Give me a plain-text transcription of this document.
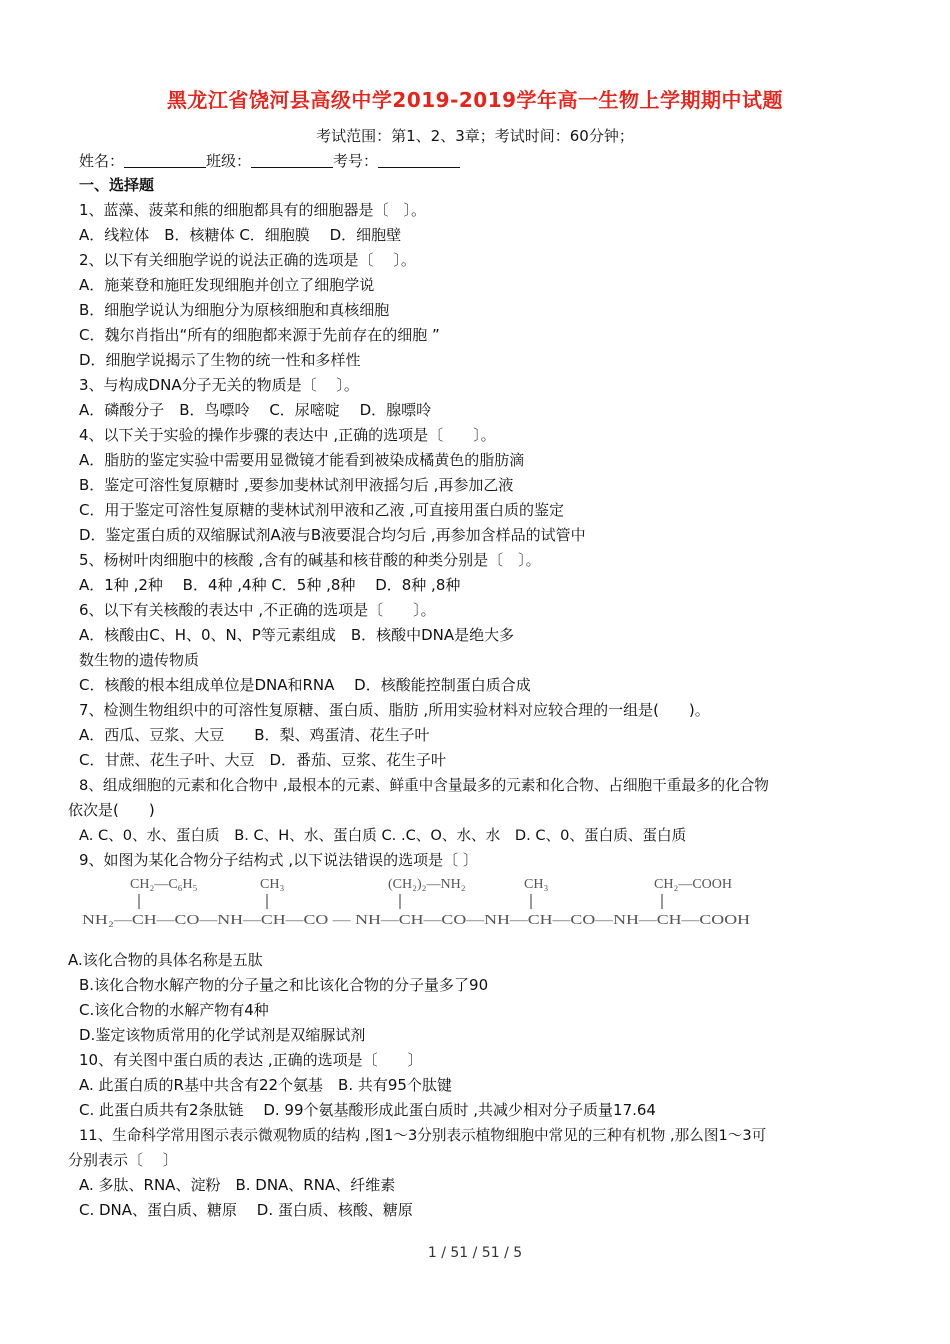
黑龙江省饶河县高级中学2019-2019学年高一生物上学期期中试题
考试范围：第1、2、3章；考试时间：60分钟；
姓名：	班级：	考号：
一、选择题
1、蓝藻、菠菜和熊的细胞都具有的细胞器是〔　〕。
A．线粒体　B．核糖体 C．细胞膜　 D．细胞壁
2、以下有关细胞学说的说法正确的选项是〔　 〕。
A．施莱登和施旺发现细胞并创立了细胞学说
B．细胞学说认为细胞分为原核细胞和真核细胞
C．魏尔肖指出“所有的细胞都来源于先前存在的细胞 ”
D．细胞学说揭示了生物的统一性和多样性
3、与构成DNA分子无关的物质是〔　 〕。
A．磷酸分子　B．鸟嘌呤　 C．尿嘧啶　 D．腺嘌呤
4、以下关于实验的操作步骤的表达中 ,正确的选项是〔　　〕。
A．脂肪的鉴定实验中需要用显微镜才能看到被染成橘黄色的脂肪滴
B．鉴定可溶性复原糖时 ,要参加斐林试剂甲液摇匀后 ,再参加乙液
C．用于鉴定可溶性复原糖的斐林试剂甲液和乙液 ,可直接用蛋白质的鉴定
D．鉴定蛋白质的双缩脲试剂A液与B液要混合均匀后 ,再参加含样品的试管中
5、杨树叶肉细胞中的核酸 ,含有的碱基和核苷酸的种类分别是〔　〕。
A．1种 ,2种　 B．4种 ,4种 C．5种 ,8种　 D．8种 ,8种
6、以下有关核酸的表达中 ,不正确的选项是〔　　〕。
A．核酸由C、H、0、N、P等元素组成　B．核酸中DNA是绝大多
数生物的遗传物质
C．核酸的根本组成单位是DNA和RNA　 D．核酸能控制蛋白质合成
7、检测生物组织中的可溶性复原糖、蛋白质、脂肪 ,所用实验材料对应较合理的一组是(　　)。
A．西瓜、豆浆、大豆　　B．梨、鸡蛋清、花生子叶
C．甘蔗、花生子叶、大豆　D．番茄、豆浆、花生子叶
8、组成细胞的元素和化合物中 ,最根本的元素、鲜重中含量最多的元素和化合物、占细胞干重最多的化合物
依次是(　　)
A. C、0、水、蛋白质　B. C、H、水、蛋白质 C. .C、O、水、水　D. C、0、蛋白质、蛋白质
9、如图为某化合物分子结构式 ,以下说法错误的选项是〔 〕
CH₂—C₆H₅	CH₃	(CH₂)₂—NH₂	CH₃	CH₂—COOH
NH₂—CH—CO—NH—CH—CO — NH—CH—CO—NH—CH—CO—NH—CH—COOH
A.该化合物的具体名称是五肽
B.该化合物水解产物的分子量之和比该化合物的分子量多了90
C.该化合物的水解产物有4种
D.鉴定该物质常用的化学试剂是双缩脲试剂
10、有关图中蛋白质的表达 ,正确的选项是〔　　〕
A. 此蛋白质的R基中共含有22个氨基　B. 共有95个肽键
C. 此蛋白质共有2条肽链　 D. 99个氨基酸形成此蛋白质时 ,共减少相对分子质量17.64
11、生命科学常用图示表示微观物质的结构 ,图1～3分别表示植物细胞中常见的三种有机物 ,那么图1～3可
分别表示〔　 〕
A. 多肽、RNA、淀粉　B. DNA、RNA、纤维素
C. DNA、蛋白质、糖原　 D. 蛋白质、核酸、糖原
1 / 51 / 51 / 5
